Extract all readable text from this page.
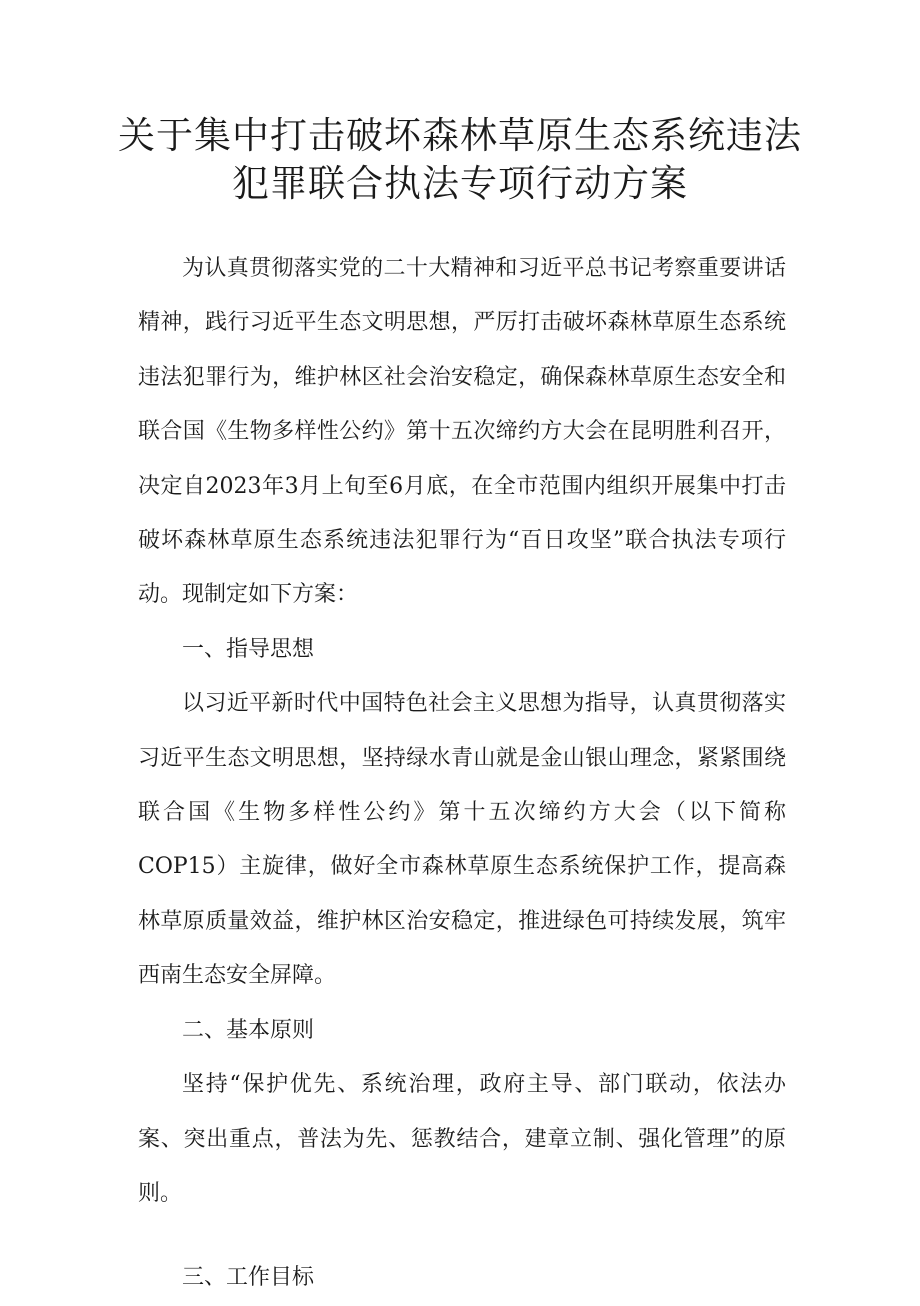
关于集中打击破坏森林草原生态系统违法
犯罪联合执法专项行动方案

为认真贯彻落实党的二十大精神和习近平总书记考察重要讲话精神，践行习近平生态文明思想，严厉打击破坏森林草原生态系统违法犯罪行为，维护林区社会治安稳定，确保森林草原生态安全和联合国《生物多样性公约》第十五次缔约方大会在昆明胜利召开，决定自2023年3月上旬至6月底，在全市范围内组织开展集中打击破坏森林草原生态系统违法犯罪行为“百日攻坚”联合执法专项行动。现制定如下方案：

一、指导思想

以习近平新时代中国特色社会主义思想为指导，认真贯彻落实习近平生态文明思想，坚持绿水青山就是金山银山理念，紧紧围绕联合国《生物多样性公约》第十五次缔约方大会（以下简称COP15）主旋律，做好全市森林草原生态系统保护工作，提高森林草原质量效益，维护林区治安稳定，推进绿色可持续发展，筑牢西南生态安全屏障。

二、基本原则

坚持“保护优先、系统治理，政府主导、部门联动，依法办案、突出重点，普法为先、惩教结合，建章立制、强化管理”的原则。

三、工作目标
